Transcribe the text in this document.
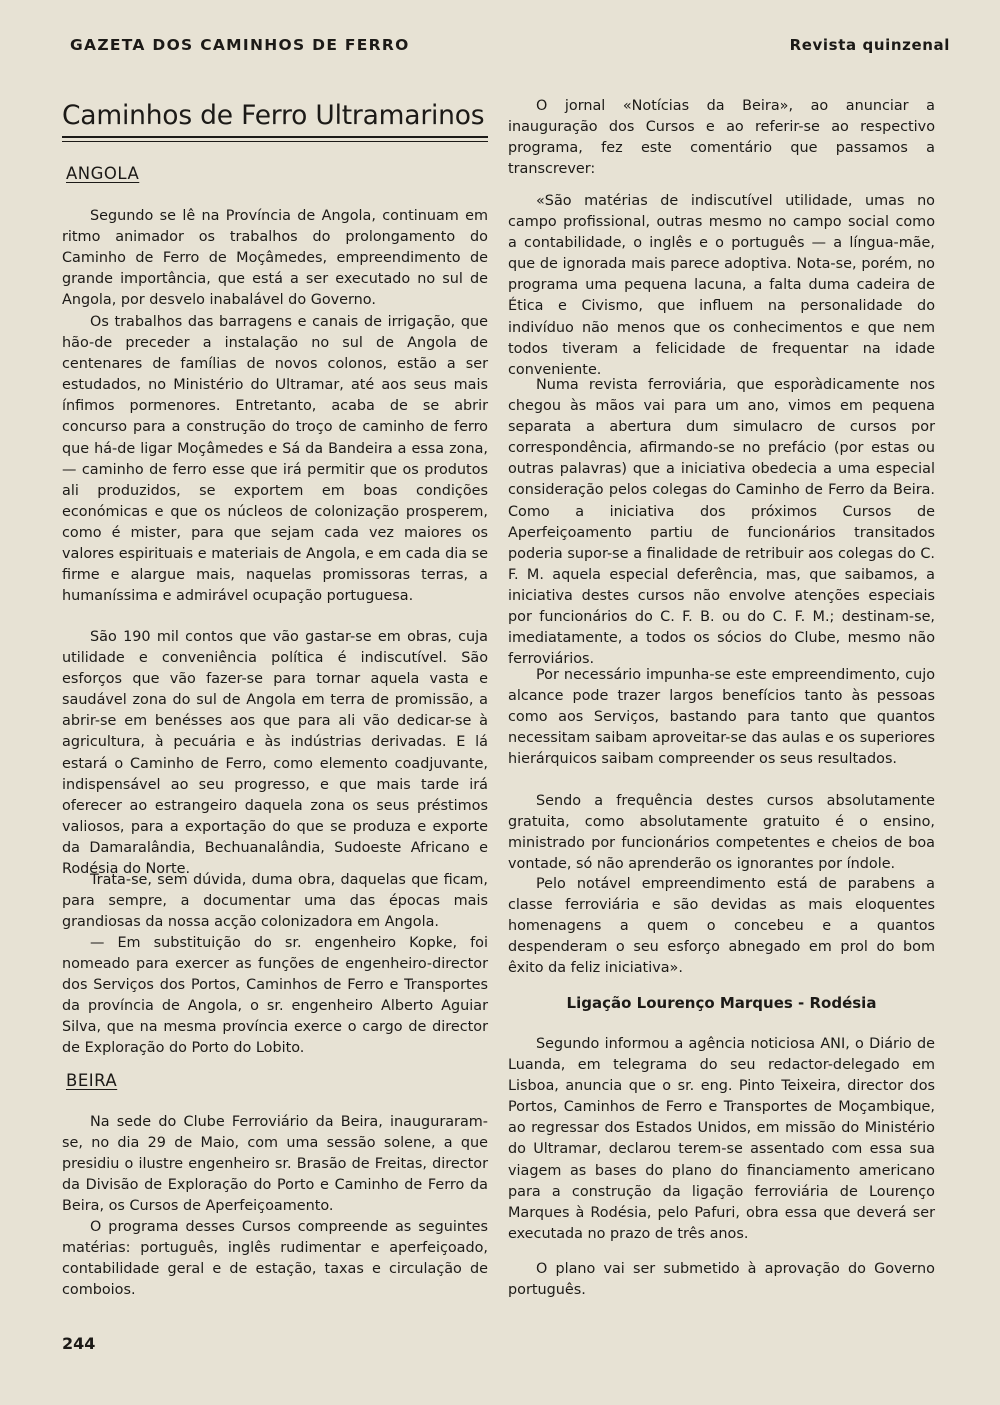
GAZETA DOS CAMINHOS DE FERRO	Revista quinzenal
Caminhos de Ferro Ultramarinos
ANGOLA

Segundo se lê na Província de Angola, continuam em ritmo animador os trabalhos do prolongamento do Caminho de Ferro de Moçâmedes, empreendimento de grande importância, que está a ser executado no sul de Angola, por desvelo inabalável do Governo.

Os trabalhos das barragens e canais de irrigação, que hão-de preceder a instalação no sul de Angola de centenares de famílias de novos colonos, estão a ser estudados, no Ministério do Ultramar, até aos seus mais ínfimos pormenores. Entretanto, acaba de se abrir concurso para a construção do troço de caminho de ferro que há-de ligar Moçâmedes e Sá da Bandeira a essa zona, — caminho de ferro esse que irá permitir que os produtos ali produzidos, se exportem em boas condições económicas e que os núcleos de colonização prosperem, como é mister, para que sejam cada vez maiores os valores espirituais e materiais de Angola, e em cada dia se firme e alargue mais, naquelas promissoras terras, a humaníssima e admirável ocupação portuguesa.

São 190 mil contos que vão gastar-se em obras, cuja utilidade e conveniência política é indiscutível. São esforços que vão fazer-se para tornar aquela vasta e saudável zona do sul de Angola em terra de promissão, a abrir-se em benésses aos que para ali vão dedicar-se à agricultura, à pecuária e às indústrias derivadas. E lá estará o Caminho de Ferro, como elemento coadjuvante, indispensável ao seu progresso, e que mais tarde irá oferecer ao estrangeiro daquela zona os seus préstimos valiosos, para a exportação do que se produza e exporte da Damaralândia, Bechuanalândia, Sudoeste Africano e Rodésia do Norte.

Trata-se, sem dúvida, duma obra, daquelas que ficam, para sempre, a documentar uma das épocas mais grandiosas da nossa acção colonizadora em Angola.

— Em substituição do sr. engenheiro Kopke, foi nomeado para exercer as funções de engenheiro-director dos Serviços dos Portos, Caminhos de Ferro e Transportes da província de Angola, o sr. engenheiro Alberto Aguiar Silva, que na mesma província exerce o cargo de director de Exploração do Porto do Lobito.

BEIRA

Na sede do Clube Ferroviário da Beira, inauguraram-se, no dia 29 de Maio, com uma sessão solene, a que presidiu o ilustre engenheiro sr. Brasão de Freitas, director da Divisão de Exploração do Porto e Caminho de Ferro da Beira, os Cursos de Aperfeiçoamento.

O programa desses Cursos compreende as seguintes matérias: português, inglês rudimentar e aperfeiçoado, contabilidade geral e de estação, taxas e circulação de comboios.

244

O jornal «Notícias da Beira», ao anunciar a inauguração dos Cursos e ao referir-se ao respectivo programa, fez este comentário que passamos a transcrever:

«São matérias de indiscutível utilidade, umas no campo profissional, outras mesmo no campo social como a contabilidade, o inglês e o português — a língua-mãe, que de ignorada mais parece adoptiva. Nota-se, porém, no programa uma pequena lacuna, a falta duma cadeira de Ética e Civismo, que influem na personalidade do indivíduo não menos que os conhecimentos e que nem todos tiveram a felicidade de frequentar na idade conveniente.

Numa revista ferroviária, que esporàdicamente nos chegou às mãos vai para um ano, vimos em pequena separata a abertura dum simulacro de cursos por correspondência, afirmando-se no prefácio (por estas ou outras palavras) que a iniciativa obedecia a uma especial consideração pelos colegas do Caminho de Ferro da Beira. Como a iniciativa dos próximos Cursos de Aperfeiçoamento partiu de funcionários transitados poderia supor-se a finalidade de retribuir aos colegas do C. F. M. aquela especial deferência, mas, que saibamos, a iniciativa destes cursos não envolve atenções especiais por funcionários do C. F. B. ou do C. F. M.; destinam-se, imediatamente, a todos os sócios do Clube, mesmo não ferroviários.

Por necessário impunha-se este empreendimento, cujo alcance pode trazer largos benefícios tanto às pessoas como aos Serviços, bastando para tanto que quantos necessitam saibam aproveitar-se das aulas e os superiores hierárquicos saibam compreender os seus resultados.

Sendo a frequência destes cursos absolutamente gratuita, como absolutamente gratuito é o ensino, ministrado por funcionários competentes e cheios de boa vontade, só não aprenderão os ignorantes por índole.

Pelo notável empreendimento está de parabens a classe ferroviária e são devidas as mais eloquentes homenagens a quem o concebeu e a quantos despenderam o seu esforço abnegado em prol do bom êxito da feliz iniciativa».

Ligação Lourenço Marques - Rodésia

Segundo informou a agência noticiosa ANI, o Diário de Luanda, em telegrama do seu redactor-delegado em Lisboa, anuncia que o sr. eng. Pinto Teixeira, director dos Portos, Caminhos de Ferro e Transportes de Moçambique, ao regressar dos Estados Unidos, em missão do Ministério do Ultramar, declarou terem-se assentado com essa sua viagem as bases do plano do financiamento americano para a construção da ligação ferroviária de Lourenço Marques à Rodésia, pelo Pafuri, obra essa que deverá ser executada no prazo de três anos.

O plano vai ser submetido à aprovação do Governo português.
